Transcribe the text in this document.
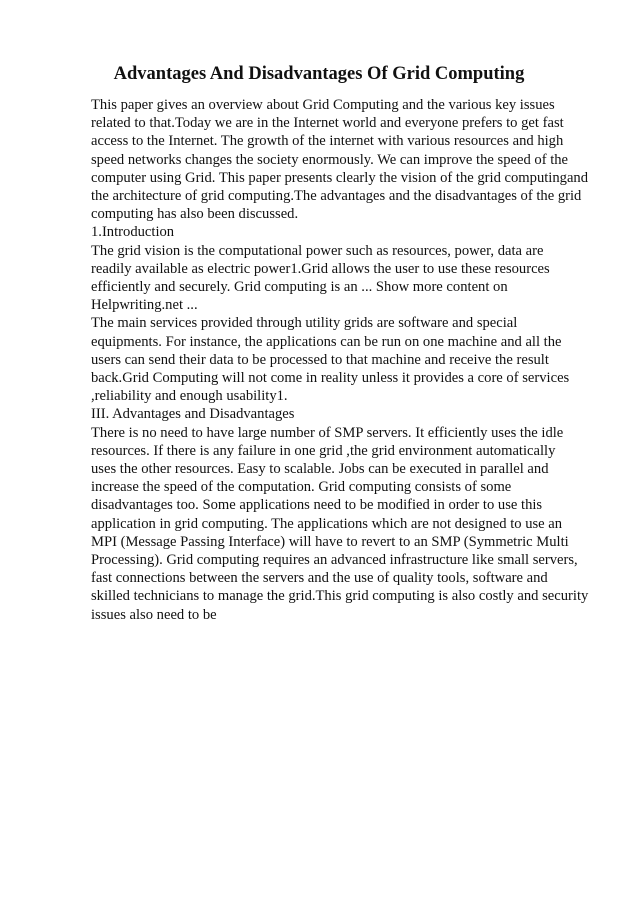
Advantages And Disadvantages Of Grid Computing
This paper gives an overview about Grid Computing and the various key issues
related to that.Today we are in the Internet world and everyone prefers to get fast
access to the Internet. The growth of the internet with various resources and high
speed networks changes the society enormously. We can improve the speed of the
computer using Grid. This paper presents clearly the vision of the grid computingand
the architecture of grid computing.The advantages and the disadvantages of the grid
computing has also been discussed.
1.Introduction
The grid vision is the computational power such as resources, power, data are
readily available as electric power1.Grid allows the user to use these resources
efficiently and securely. Grid computing is an ... Show more content on
Helpwriting.net ...
The main services provided through utility grids are software and special
equipments. For instance, the applications can be run on one machine and all the
users can send their data to be processed to that machine and receive the result
back.Grid Computing will not come in reality unless it provides a core of services
,reliability and enough usability1.
III. Advantages and Disadvantages
There is no need to have large number of SMP servers. It efficiently uses the idle
resources. If there is any failure in one grid ,the grid environment automatically
uses the other resources. Easy to scalable. Jobs can be executed in parallel and
increase the speed of the computation. Grid computing consists of some
disadvantages too. Some applications need to be modified in order to use this
application in grid computing. The applications which are not designed to use an
MPI (Message Passing Interface) will have to revert to an SMP (Symmetric Multi
Processing). Grid computing requires an advanced infrastructure like small servers,
fast connections between the servers and the use of quality tools, software and
skilled technicians to manage the grid.This grid computing is also costly and security
issues also need to be
